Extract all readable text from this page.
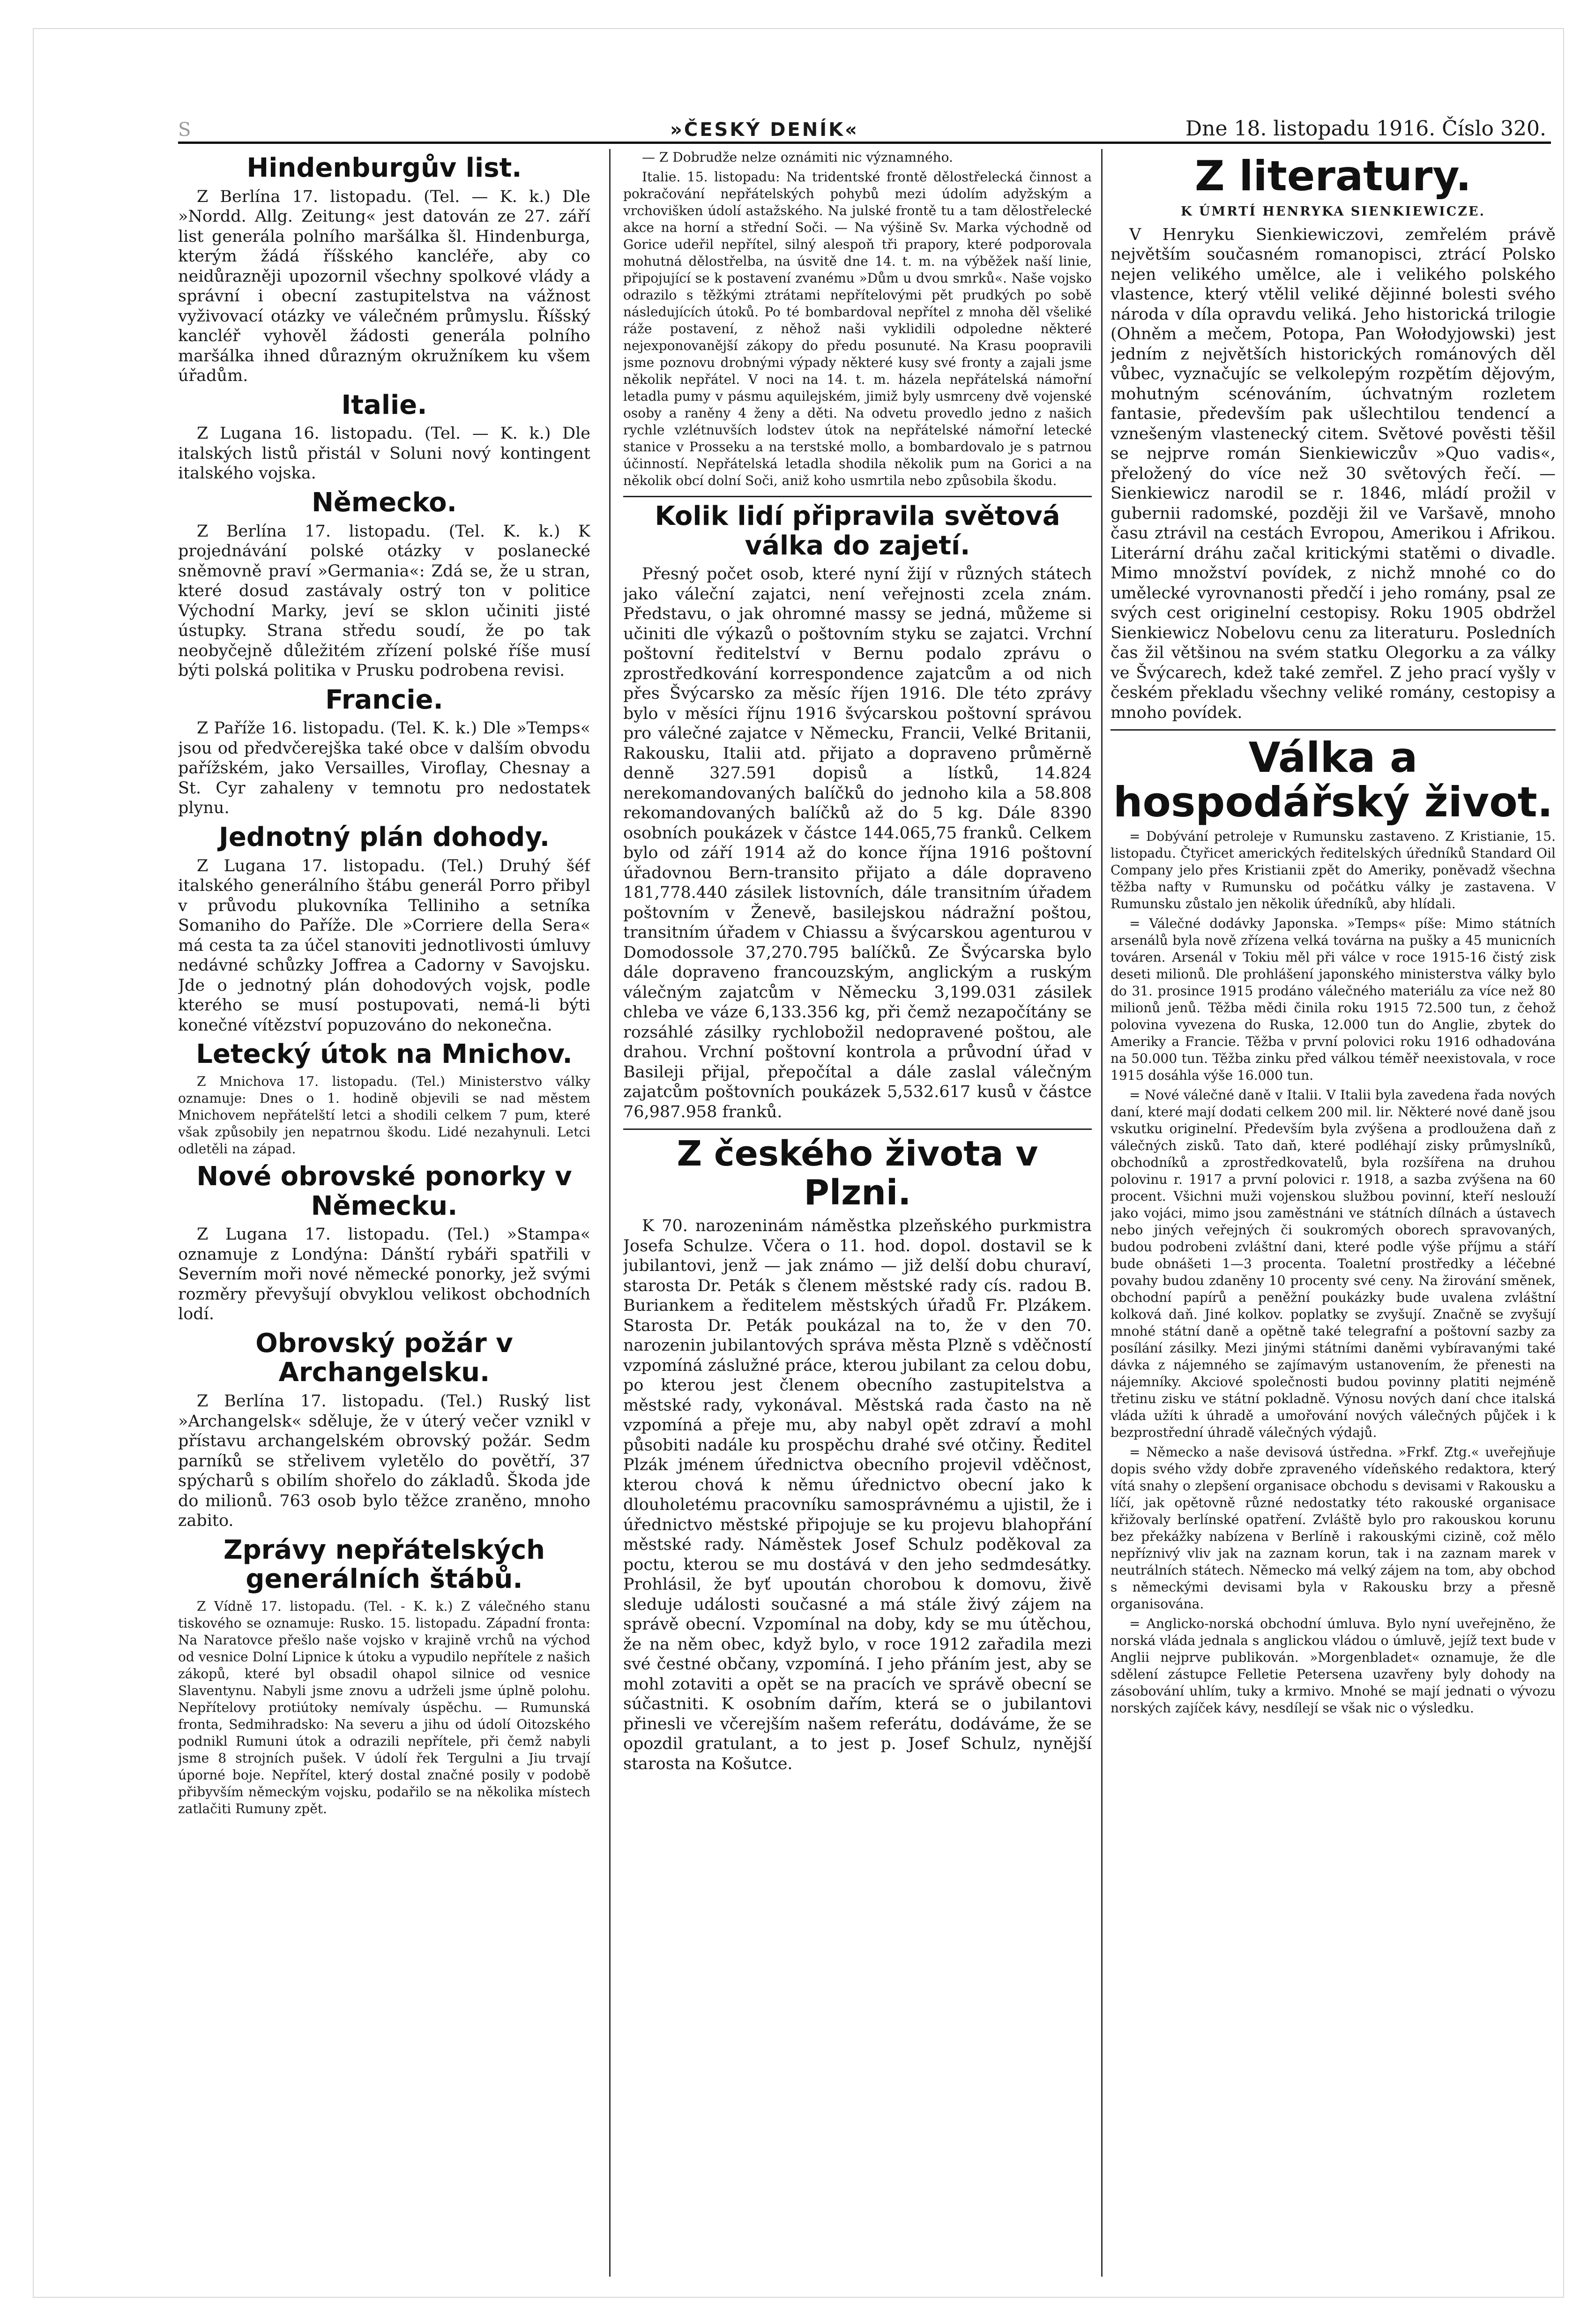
S	»ČESKÝ DENÍK«	Dne 18. listopadu 1916. Číslo 320.
Hindenburgův list.

Z Berlína 17. listopadu. (Tel. — K. k.) Dle »Nordd. Allg. Zeitung« jest datován ze 27. září list generála polního maršálka šl. Hindenburga, kterým žádá říšského kancléře, aby co neidůrazněji upozornil všechny spolkové vlády a správní i obecní zastupitelstva na vážnost vyživovací otázky ve válečném průmyslu. Říšský kancléř vyhověl žádosti generála polního maršálka ihned důrazným okružníkem ku všem úřadům.

Italie.

Z Lugana 16. listopadu. (Tel. — K. k.) Dle italských listů přistál v Soluni nový kontingent italského vojska.

Německo.

Z Berlína 17. listopadu. (Tel. K. k.) K projednávání polské otázky v poslanecké sněmovně praví »Germania«: Zdá se, že u stran, které dosud zastávaly ostrý ton v politice Východní Marky, jeví se sklon učiniti jisté ústupky. Strana středu soudí, že po tak neobyčejně důležitém zřízení polské říše musí býti polská politika v Prusku podrobena revisi.

Francie.

Z Paříže 16. listopadu. (Tel. K. k.) Dle »Temps« jsou od předvčerejška také obce v dalším obvodu pařížském, jako Versailles, Viroflay, Chesnay a St. Cyr zahaleny v temnotu pro nedostatek plynu.

Jednotný plán dohody.

Z Lugana 17. listopadu. (Tel.) Druhý šéf italského generálního štábu generál Porro přibyl v průvodu plukovníka Telliniho a setníka Somaniho do Paříže. Dle »Corriere della Sera« má cesta ta za účel stanoviti jednotlivosti úmluvy nedávné schůzky Joffrea a Cadorny v Savojsku. Jde o jednotný plán dohodových vojsk, podle kterého se musí postupovati, nemá-li býti konečné vítězství popuzováno do nekonečna.

Letecký útok na Mnichov.

Z Mnichova 17. listopadu. (Tel.) Ministerstvo války oznamuje: Dnes o 1. hodině objevili se nad městem Mnichovem nepřátelští letci a shodili celkem 7 pum, které však způsobily jen nepatrnou škodu. Lidé nezahynuli. Letci odletěli na západ.

Nové obrovské ponorky v Německu.

Z Lugana 17. listopadu. (Tel.) »Stampa« oznamuje z Londýna: Dánští rybáři spatřili v Severním moři nové německé ponorky, jež svými rozměry převyšují obvyklou velikost obchodních lodí.

Obrovský požár v Archangelsku.

Z Berlína 17. listopadu. (Tel.) Ruský list »Archangelsk« sděluje, že v úterý večer vznikl v přístavu archangelském obrovský požár. Sedm parníků se střelivem vyletělo do povětří, 37 spýcharů s obilím shořelo do základů. Škoda jde do milionů. 763 osob bylo těžce zraněno, mnoho zabito.

Zprávy nepřátelských generálních štábů.

Z Vídně 17. listopadu. (Tel. - K. k.) Z válečného stanu tiskového se oznamuje: Rusko. 15. listopadu. Západní fronta: Na Naratovce přešlo naše vojsko v krajině vrchů na východ od vesnice Dolní Lipnice k útoku a vypudilo nepřítele z našich zákopů, které byl obsadil ohapol silnice od vesnice Slaventynu. Nabyli jsme znovu a udrželi jsme úplně polohu. Nepřítelovy protiútoky nemívaly úspěchu. — Rumunská fronta, Sedmihradsko: Na severu a jihu od údolí Oitozského podnikl Rumuni útok a odrazili nepřítele, při čemž nabyli jsme 8 strojních pušek. V údolí řek Tergulni a Jiu trvají úporné boje. Nepřítel, který dostal značné posily v podobě přibyvším německým vojsku, podařilo se na několika místech zatlačiti Rumuny zpět.

— Z Dobrudže nelze oznámiti nic významného.

Italie. 15. listopadu: Na tridentské frontě dělostřelecká činnost a pokračování nepřátelských pohybů mezi údolím adyžským a vrchovišken údolí astažského. Na julské frontě tu a tam dělostřelecké akce na horní a střední Soči. — Na výšině Sv. Marka východně od Gorice udeřil nepřítel, silný alespoň tři prapory, které podporovala mohutná dělostřelba, na úsvitě dne 14. t. m. na výběžek naší linie, připojující se k postavení zvanému »Dům u dvou smrků«. Naše vojsko odrazilo s těžkými ztrátami nepřítelovými pět prudkých po sobě následujících útoků. Po té bombardoval nepřítel z mnoha děl všeliké ráže postavení, z něhož naši vyklidili odpoledne některé nejexponovanější zákopy do předu posunuté. Na Krasu poopravili jsme poznovu drobnými výpady některé kusy své fronty a zajali jsme několik nepřátel. V noci na 14. t. m. házela nepřátelská námořní letadla pumy v pásmu aquilejském, jimiž byly usmrceny dvě vojenské osoby a raněny 4 ženy a děti. Na odvetu provedlo jedno z našich rychle vzlétnuvších lodstev útok na nepřátelské námořní letecké stanice v Prosseku a na terstské mollo, a bombardovalo je s patrnou účinností. Nepřátelská letadla shodila několik pum na Gorici a na několik obcí dolní Soči, aniž koho usmrtila nebo způsobila škodu.

Kolik lidí připravila světová válka do zajetí.

Přesný počet osob, které nyní žijí v různých státech jako váleční zajatci, není veřejnosti zcela znám. Představu, o jak ohromné massy se jedná, můžeme si učiniti dle výkazů o poštovním styku se zajatci. Vrchní poštovní ředitelství v Bernu podalo zprávu o zprostředkování korrespondence zajatcům a od nich přes Švýcarsko za měsíc říjen 1916. Dle této zprávy bylo v měsíci říjnu 1916 švýcarskou poštovní správou pro válečné zajatce v Německu, Francii, Velké Britanii, Rakousku, Italii atd. přijato a dopraveno průměrně denně 327.591 dopisů a lístků, 14.824 nerekomandovaných balíčků do jednoho kila a 58.808 rekomandovaných balíčků až do 5 kg. Dále 8390 osobních poukázek v částce 144.065,75 franků. Celkem bylo od září 1914 až do konce října 1916 poštovní úřadovnou Bern-transito přijato a dále dopraveno 181,778.440 zásilek listovních, dále transitním úřadem poštovním v Ženevě, basilejskou nádražní poštou, transitním úřadem v Chiassu a švýcarskou agenturou v Domodossole 37,270.795 balíčků. Ze Švýcarska bylo dále dopraveno francouzským, anglickým a ruským válečným zajatcům v Německu 3,199.031 zásilek chleba ve váze 6,133.356 kg, při čemž nezapočítány se rozsáhlé zásilky rychlobožil nedopravené poštou, ale drahou. Vrchní poštovní kontrola a průvodní úřad v Basileji přijal, přepočítal a dále zaslal válečným zajatcům poštovních poukázek 5,532.617 kusů v částce 76,987.958 franků.

Z českého života v Plzni.

K 70. narozeninám náměstka plzeňského purkmistra Josefa Schulze. Včera o 11. hod. dopol. dostavil se k jubilantovi, jenž — jak známo — již delší dobu churaví, starosta Dr. Peták s členem městské rady cís. radou B. Buriankem a ředitelem městských úřadů Fr. Plzákem. Starosta Dr. Peták poukázal na to, že v den 70. narozenin jubilantových správa města Plzně s vděčností vzpomíná záslužné práce, kterou jubilant za celou dobu, po kterou jest členem obecního zastupitelstva a městské rady, vykonával. Městská rada často na ně vzpomíná a přeje mu, aby nabyl opět zdraví a mohl působiti nadále ku prospěchu drahé své otčiny. Ředitel Plzák jménem úřednictva obecního projevil vděčnost, kterou chová k němu úřednictvo obecní jako k dlouholetému pracovníku samosprávnému a ujistil, že i úřednictvo městské připojuje se ku projevu blahopřání městské rady. Náměstek Josef Schulz poděkoval za poctu, kterou se mu dostává v den jeho sedmdesátky. Prohlásil, že byť upoután chorobou k domovu, živě sleduje události současné a má stále živý zájem na správě obecní. Vzpomínal na doby, kdy se mu útěchou, že na něm obec, když bylo, v roce 1912 zařadila mezi své čestné občany, vzpomíná. I jeho přáním jest, aby se mohl zotaviti a opět se na pracích ve správě obecní se súčastniti. K osobním dařím, která se o jubilantovi přinesli ve včerejším našem referátu, dodáváme, že se opozdil gratulant, a to jest p. Josef Schulz, nynější starosta na Košutce.

Z literatury.

K ÚMRTÍ HENRYKA SIENKIEWICZE.

V Henryku Sienkiewiczovi, zemřelém právě největším současném romanopisci, ztrácí Polsko nejen velikého umělce, ale i velikého polského vlastence, který vtělil veliké dějinné bolesti svého národa v díla opravdu veliká. Jeho historická trilogie (Ohněm a mečem, Potopa, Pan Wołodyjowski) jest jedním z největších historických románových děl vůbec, vyznačujíc se velkolepým rozpětím dějovým, mohutným scénováním, úchvatným rozletem fantasie, především pak ušlechtilou tendencí a vznešeným vlastenecký citem. Světové pověsti těšil se nejprve román Sienkiewiczův »Quo vadis«, přeložený do více než 30 světových řečí. — Sienkiewicz narodil se r. 1846, mládí prožil v gubernii radomské, později žil ve Varšavě, mnoho času ztrávil na cestách Evropou, Amerikou i Afrikou. Literární dráhu začal kritickými statěmi o divadle. Mimo množství povídek, z nichž mnohé co do umělecké vyrovnanosti předčí i jeho romány, psal ze svých cest originelní cestopisy. Roku 1905 obdržel Sienkiewicz Nobelovu cenu za literaturu. Posledních čas žil většinou na svém statku Olegorku a za války ve Švýcarech, kdež také zemřel. Z jeho prací vyšly v českém překladu všechny veliké romány, cestopisy a mnoho povídek.

Válka a hospodářský život.

= Dobývání petroleje v Rumunsku zastaveno. Z Kristianie, 15. listopadu. Čtyřicet amerických ředitelských úředníků Standard Oil Company jelo přes Kristianii zpět do Ameriky, poněvadž všechna těžba nafty v Rumunsku od počátku války je zastavena. V Rumunsku zůstalo jen několik úředníků, aby hlídali.

= Válečné dodávky Japonska. »Temps« píše: Mimo státních arsenálů byla nově zřízena velká továrna na pušky a 45 municních továren. Arsenál v Tokiu měl při válce v roce 1915-16 čistý zisk deseti milionů. Dle prohlášení japonského ministerstva války bylo do 31. prosince 1915 prodáno válečného materiálu za více než 80 milionů jenů. Těžba mědi činila roku 1915 72.500 tun, z čehož polovina vyvezena do Ruska, 12.000 tun do Anglie, zbytek do Ameriky a Francie. Těžba v první polovici roku 1916 odhadována na 50.000 tun. Těžba zinku před válkou téměř neexistovala, v roce 1915 dosáhla výše 16.000 tun.

= Nové válečné daně v Italii. V Italii byla zavedena řada nových daní, které mají dodati celkem 200 mil. lir. Některé nové daně jsou vskutku originelní. Především byla zvýšena a prodloužena daň z válečných zisků. Tato daň, které podléhají zisky průmyslníků, obchodníků a zprostředkovatelů, byla rozšířena na druhou polovinu r. 1917 a první polovici r. 1918, a sazba zvýšena na 60 procent. Všichni muži vojenskou službou povinní, kteří neslouží jako vojáci, mimo jsou zaměstnáni ve státních dílnách a ústavech nebo jiných veřejných či soukromých oborech spravovaných, budou podrobeni zvláštní dani, které podle výše příjmu a stáří bude obnášeti 1—3 procenta. Toaletní prostředky a léčebné povahy budou zdaněny 10 procenty své ceny. Na žirování směnek, obchodní papírů a peněžní poukázky bude uvalena zvláštní kolková daň. Jiné kolkov. poplatky se zvyšují. Značně se zvyšují mnohé státní daně a opětně také telegrafní a poštovní sazby za posílání zásilky. Mezi jinými státními daněmi vybíravanými také dávka z nájemného se zajímavým ustanovením, že přenesti na nájemníky. Akciové společnosti budou povinny platiti nejméně třetinu zisku ve státní pokladně. Výnosu nových daní chce italská vláda užíti k úhradě a umořování nových válečných půjček i k bezprostřední úhradě válečných výdajů.

= Německo a naše devisová ústředna. »Frkf. Ztg.« uveřejňuje dopis svého vždy dobře zpraveného vídeňského redaktora, který vítá snahy o zlepšení organisace obchodu s devisami v Rakousku a líčí, jak opětovně různé nedostatky této rakouské organisace křižovaly berlínské opatření. Zvláště bylo pro rakouskou korunu bez překážky nabízena v Berlíně i rakouskými cizině, což mělo nepříznivý vliv jak na zaznam korun, tak i na zaznam marek v neutrálních státech. Německo má velký zájem na tom, aby obchod s německými devisami byla v Rakousku brzy a přesně organisována.

= Anglicko-norská obchodní úmluva. Bylo nyní uveřejněno, že norská vláda jednala s anglickou vládou o úmluvě, jejíž text bude v Anglii nejprve publikován. »Morgenbladet« oznamuje, že dle sdělení zástupce Felletie Petersena uzavřeny byly dohody na zásobování uhlím, tuky a krmivo. Mnohé se mají jednati o vývozu norských zajíček kávy, nesdílejí se však nic o výsledku.
